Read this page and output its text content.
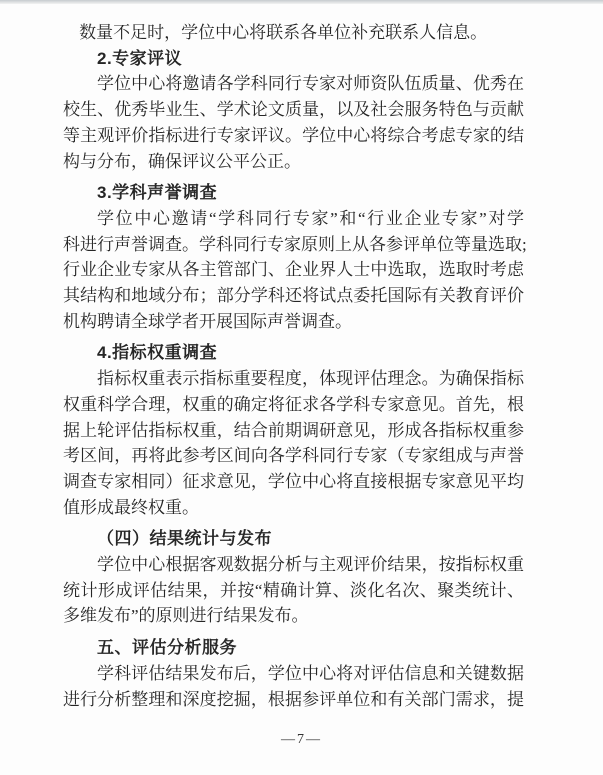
数量不足时，学位中心将联系各单位补充联系人信息。
2.专家评议
学位中心将邀请各学科同行专家对师资队伍质量、优秀在
校生、优秀毕业生、学术论文质量，以及社会服务特色与贡献
等主观评价指标进行专家评议。学位中心将综合考虑专家的结
构与分布，确保评议公平公正。
3.学科声誉调查
学位中心邀请“学科同行专家”和“行业企业专家”对学
科进行声誉调查。学科同行专家原则上从各参评单位等量选取;
行业企业专家从各主管部门、企业界人士中选取，选取时考虑
其结构和地域分布；部分学科还将试点委托国际有关教育评价
机构聘请全球学者开展国际声誉调查。
4.指标权重调查
指标权重表示指标重要程度，体现评估理念。为确保指标
权重科学合理，权重的确定将征求各学科专家意见。首先，根
据上轮评估指标权重，结合前期调研意见，形成各指标权重参
考区间，再将此参考区间向各学科同行专家（专家组成与声誉
调查专家相同）征求意见，学位中心将直接根据专家意见平均
值形成最终权重。
（四）结果统计与发布
学位中心根据客观数据分析与主观评价结果，按指标权重
统计形成评估结果，并按“精确计算、淡化名次、聚类统计、
多维发布”的原则进行结果发布。
五、评估分析服务
学科评估结果发布后，学位中心将对评估信息和关键数据
进行分析整理和深度挖掘，根据参评单位和有关部门需求，提
—7—
